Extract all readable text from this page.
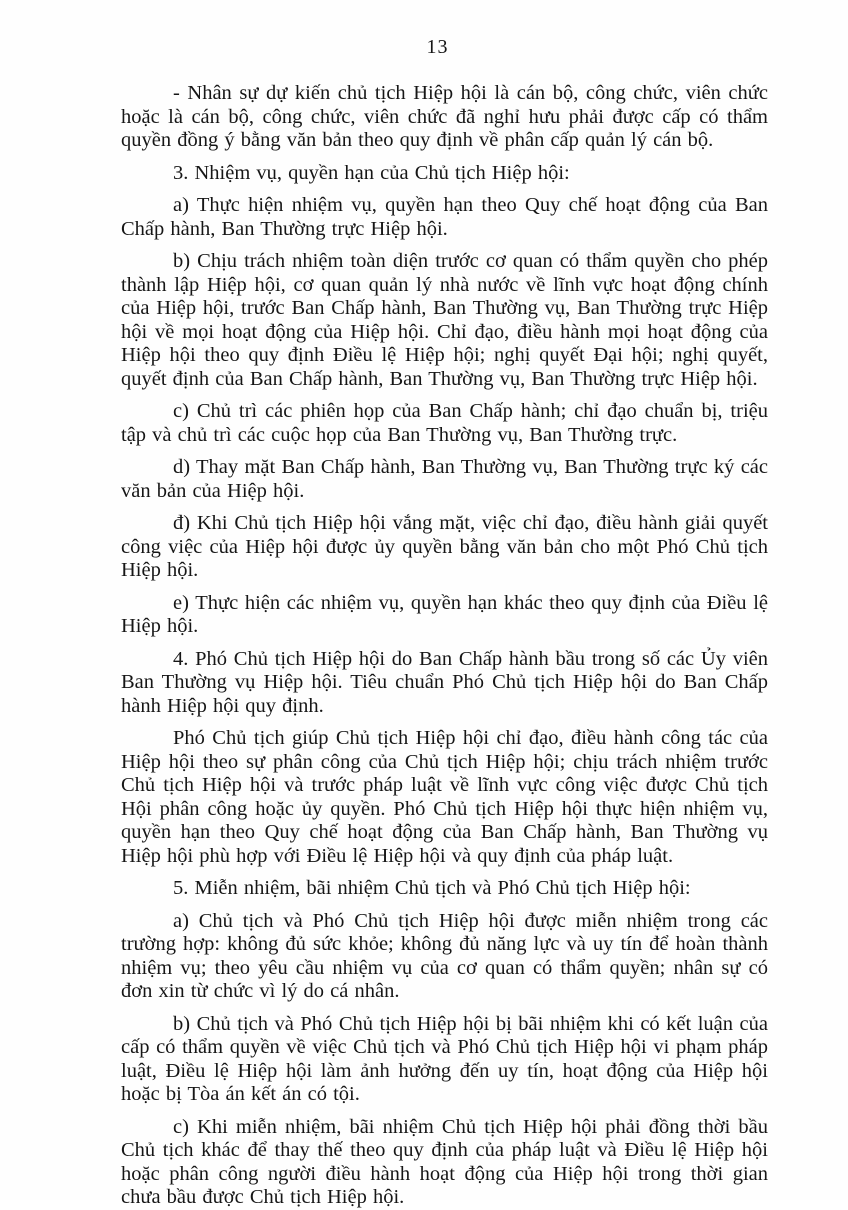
13

- Nhân sự dự kiến chủ tịch Hiệp hội là cán bộ, công chức, viên chức hoặc là cán bộ, công chức, viên chức đã nghỉ hưu phải được cấp có thẩm quyền đồng ý bằng văn bản theo quy định về phân cấp quản lý cán bộ.

3. Nhiệm vụ, quyền hạn của Chủ tịch Hiệp hội:

a) Thực hiện nhiệm vụ, quyền hạn theo Quy chế hoạt động của Ban Chấp hành, Ban Thường trực Hiệp hội.

b) Chịu trách nhiệm toàn diện trước cơ quan có thẩm quyền cho phép thành lập Hiệp hội, cơ quan quản lý nhà nước về lĩnh vực hoạt động chính của Hiệp hội, trước Ban Chấp hành, Ban Thường vụ, Ban Thường trực Hiệp hội về mọi hoạt động của Hiệp hội. Chỉ đạo, điều hành mọi hoạt động của Hiệp hội theo quy định Điều lệ Hiệp hội; nghị quyết Đại hội; nghị quyết, quyết định của Ban Chấp hành, Ban Thường vụ, Ban Thường trực Hiệp hội.

c) Chủ trì các phiên họp của Ban Chấp hành; chỉ đạo chuẩn bị, triệu tập và chủ trì các cuộc họp của Ban Thường vụ, Ban Thường trực.

d) Thay mặt Ban Chấp hành, Ban Thường vụ, Ban Thường trực ký các văn bản của Hiệp hội.

đ) Khi Chủ tịch Hiệp hội vắng mặt, việc chỉ đạo, điều hành giải quyết công việc của Hiệp hội được ủy quyền bằng văn bản cho một Phó Chủ tịch Hiệp hội.

e) Thực hiện các nhiệm vụ, quyền hạn khác theo quy định của Điều lệ Hiệp hội.

4. Phó Chủ tịch Hiệp hội do Ban Chấp hành bầu trong số các Ủy viên Ban Thường vụ Hiệp hội. Tiêu chuẩn Phó Chủ tịch Hiệp hội do Ban Chấp hành Hiệp hội quy định.

Phó Chủ tịch giúp Chủ tịch Hiệp hội chỉ đạo, điều hành công tác của Hiệp hội theo sự phân công của Chủ tịch Hiệp hội; chịu trách nhiệm trước Chủ tịch Hiệp hội và trước pháp luật về lĩnh vực công việc được Chủ tịch Hội phân công hoặc ủy quyền. Phó Chủ tịch Hiệp hội thực hiện nhiệm vụ, quyền hạn theo Quy chế hoạt động của Ban Chấp hành, Ban Thường vụ Hiệp hội phù hợp với Điều lệ Hiệp hội và quy định của pháp luật.

5. Miễn nhiệm, bãi nhiệm Chủ tịch và Phó Chủ tịch Hiệp hội:

a) Chủ tịch và Phó Chủ tịch Hiệp hội được miễn nhiệm trong các trường hợp: không đủ sức khỏe; không đủ năng lực và uy tín để hoàn thành nhiệm vụ; theo yêu cầu nhiệm vụ của cơ quan có thẩm quyền; nhân sự có đơn xin từ chức vì lý do cá nhân.

b) Chủ tịch và Phó Chủ tịch Hiệp hội bị bãi nhiệm khi có kết luận của cấp có thẩm quyền về việc Chủ tịch và Phó Chủ tịch Hiệp hội vi phạm pháp luật, Điều lệ Hiệp hội làm ảnh hưởng đến uy tín, hoạt động của Hiệp hội hoặc bị Tòa án kết án có tội.

c) Khi miễn nhiệm, bãi nhiệm Chủ tịch Hiệp hội phải đồng thời bầu Chủ tịch khác để thay thế theo quy định của pháp luật và Điều lệ Hiệp hội hoặc phân công người điều hành hoạt động của Hiệp hội trong thời gian chưa bầu được Chủ tịch Hiệp hội.
